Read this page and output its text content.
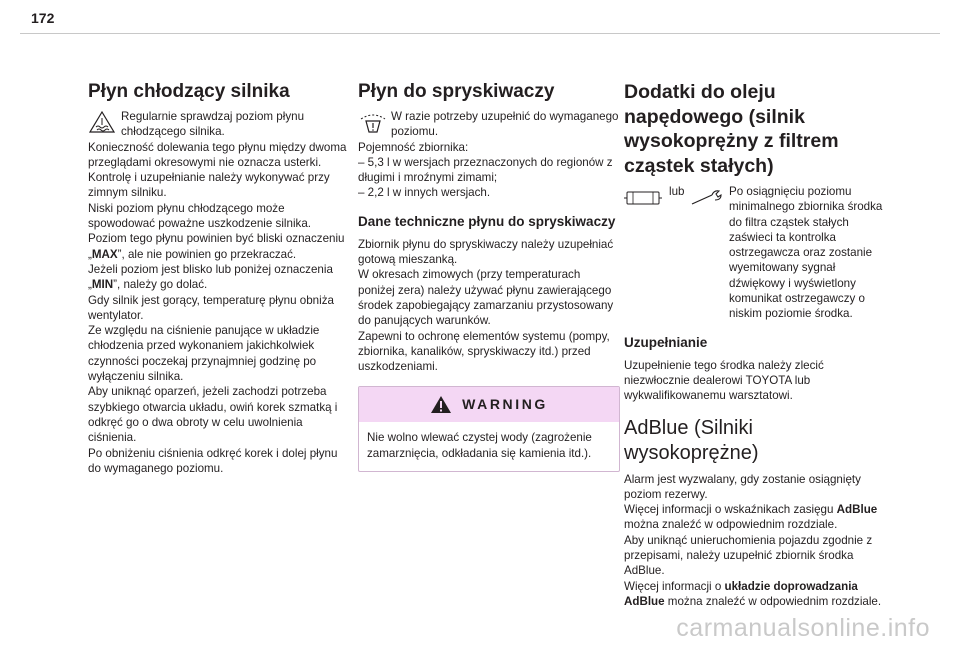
172
Płyn chłodzący silnika

Regularnie sprawdzaj poziom płynu chłodzącego silnika.

Konieczność dolewania tego płynu między dwoma przeglądami okresowymi nie oznacza usterki.

Kontrolę i uzupełnianie należy wykonywać przy zimnym silniku.

Niski poziom płynu chłodzącego może spowodować poważne uszkodzenie silnika.

Poziom tego płynu powinien być bliski oznaczeniu „MAX”, ale nie powinien go przekraczać.

Jeżeli poziom jest blisko lub poniżej oznaczenia „MIN”, należy go dolać.

Gdy silnik jest gorący, temperaturę płynu obniża wentylator.

Ze względu na ciśnienie panujące w układzie chłodzenia przed wykonaniem jakichkolwiek czynności poczekaj przynajmniej godzinę po wyłączeniu silnika.

Aby uniknąć oparzeń, jeżeli zachodzi potrzeba szybkiego otwarcia układu, owiń korek szmatką i odkręć go o dwa obroty w celu uwolnienia ciśnienia.

Po obniżeniu ciśnienia odkręć korek i dolej płynu do wymaganego poziomu.

Płyn do spryskiwaczy

W razie potrzeby uzupełnić do wymaganego poziomu.

Pojemność zbiornika:

– 5,3 l w wersjach przeznaczonych do regionów z długimi i mroźnymi zimami;

– 2,2 l w innych wersjach.

Dane techniczne płynu do spryskiwaczy

Zbiornik płynu do spryskiwaczy należy uzupełniać gotową mieszanką.

W okresach zimowych (przy temperaturach poniżej zera) należy używać płynu zawierającego środek zapobiegający zamarzaniu przystosowany do panujących warunków.

Zapewni to ochronę elementów systemu (pompy, zbiornika, kanalików, spryskiwaczy itd.) przed uszkodzeniami.

WARNING

Nie wolno wlewać czystej wody (zagrożenie zamarznięcia, odkładania się kamienia itd.).

Dodatki do oleju napędowego (silnik wysokoprężny z filtrem cząstek stałych)
lub	Po osiągnięciu poziomu minimalnego zbiornika środka do filtra cząstek stałych zaświeci ta kontrolka ostrzegawcza oraz zostanie wyemitowany sygnał dźwiękowy i wyświetlony komunikat ostrzegawczy o niskim poziomie środka.

Uzupełnianie

Uzupełnienie tego środka należy zlecić niezwłocznie dealerowi TOYOTA lub wykwalifikowanemu warsztatowi.

AdBlue (Silniki wysokoprężne)

Alarm jest wyzwalany, gdy zostanie osiągnięty poziom rezerwy.

Więcej informacji o wskaźnikach zasięgu AdBlue można znaleźć w odpowiednim rozdziale.

Aby uniknąć unieruchomienia pojazdu zgodnie z przepisami, należy uzupełnić zbiornik środka AdBlue.

Więcej informacji o układzie doprowadzania AdBlue można znaleźć w odpowiednim rozdziale.

carmanualsonline.info
